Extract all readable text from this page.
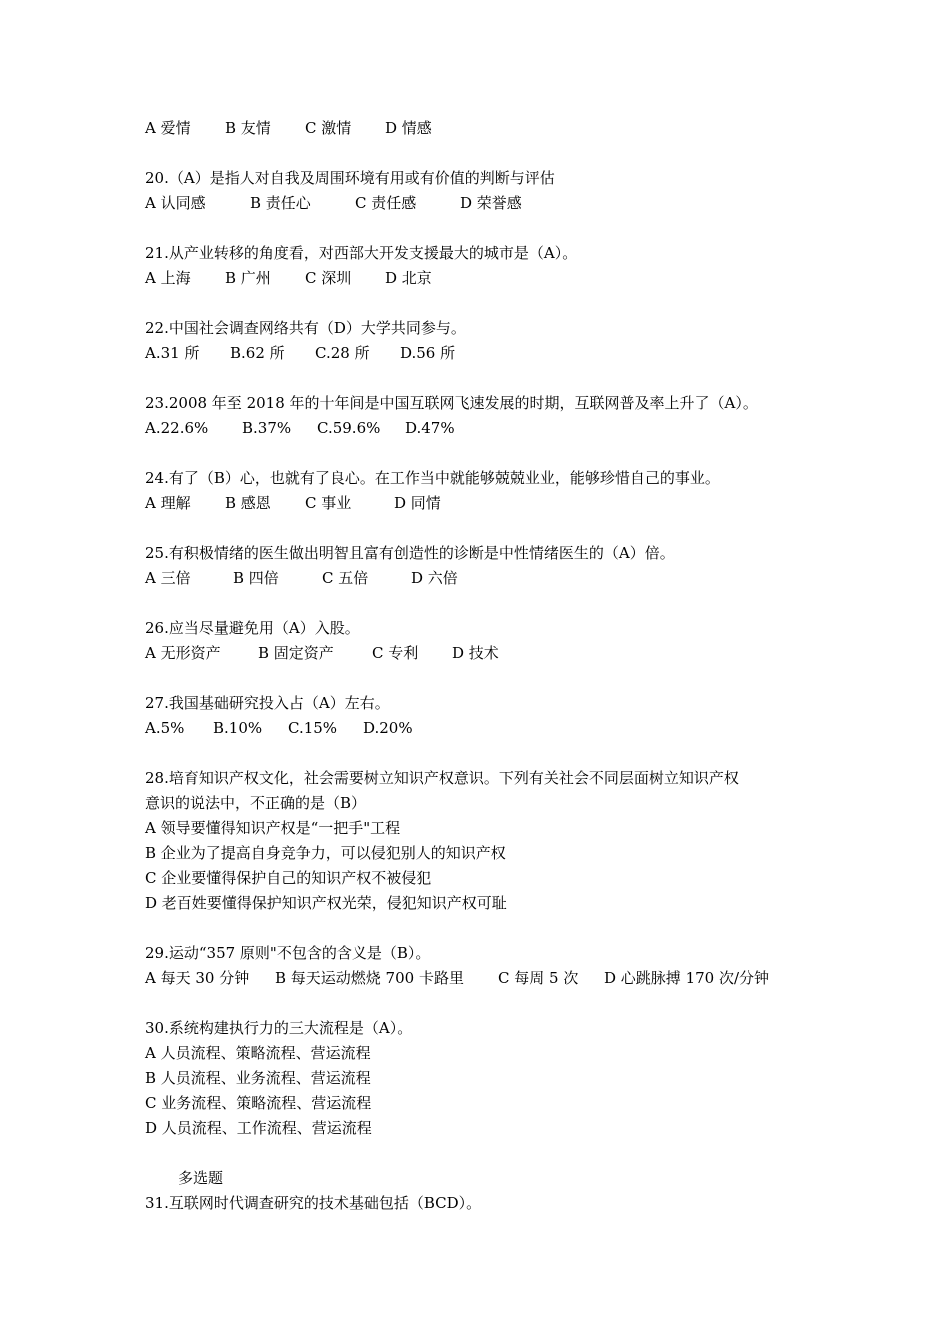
A 爱情 B 友情 C 激情 D 情感
20.（A）是指人对自我及周围环境有用或有价值的判断与评估
A 认同感	B 责任心	C 责任感	D 荣誉感
21.从产业转移的角度看，对西部大开发支援最大的城市是（A）。
A 上海 B 广州 C 深圳 D 北京
22.中国社会调查网络共有（D）大学共同参与。
A.31 所 B.62 所 C.28 所 D.56 所
23.2008 年至 2018 年的十年间是中国互联网飞速发展的时期，互联网普及率上升了（A）。
A.22.6% B.37% C.59.6% D.47%
24.有了（B）心，也就有了良心。在工作当中就能够兢兢业业，能够珍惜自己的事业。
A 理解 B 感恩 C 事业	D 同情
25.有积极情绪的医生做出明智且富有创造性的诊断是中性情绪医生的（A）倍。
A 三倍	B 四倍	C 五倍	D 六倍
26.应当尽量避免用（A）入股。
A 无形资产 B 固定资产	C 专利 D 技术
27.我国基础研究投入占（A）左右。
A.5% B.10% C.15% D.20%
28.培育知识产权文化，社会需要树立知识产权意识。下列有关社会不同层面树立知识产权
意识的说法中，不正确的是（B）
A 领导要懂得知识产权是“一把手"工程
B 企业为了提高自身竞争力，可以侵犯别人的知识产权
C 企业要懂得保护自己的知识产权不被侵犯
D 老百姓要懂得保护知识产权光荣，侵犯知识产权可耻
29.运动“357 原则"不包含的含义是（B）。
A 每天 30 分钟 B 每天运动燃烧 700 卡路里 C 每周 5 次 D 心跳脉搏 170 次/分钟
30.系统构建执行力的三大流程是（A）。
A 人员流程、策略流程、营运流程
B 人员流程、业务流程、营运流程
C 业务流程、策略流程、营运流程
D 人员流程、工作流程、营运流程
多选题
31.互联网时代调查研究的技术基础包括（BCD）。
